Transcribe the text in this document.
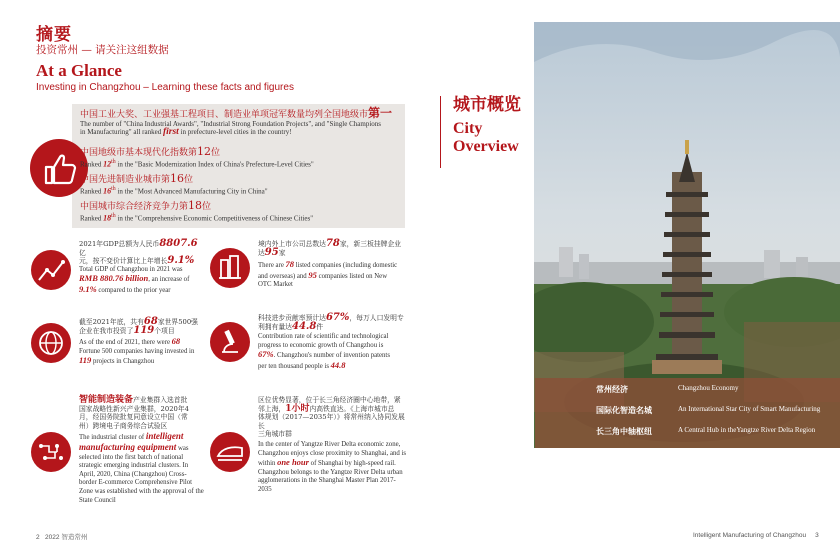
摘要
投资常州 — 请关注这组数据
At a Glance
Investing in Changzhou – Learning these facts and figures
中国工业大奖、工业强基工程项目、制造业单项冠军数量均列全国地级市第一
The number of "China Industrial Awards", "Industrial Strong Foundation Projects", and "Single Champions
in Manufacturing" all ranked first in prefecture-level cities in the country!
中国地级市基本现代化指数第12位
Ranked 12th in the "Basic Modernization Index of China's Prefecture-Level Cities"
中国先进制造业城市第16位
Ranked 16th in the "Most Advanced Manufacturing City in China"
中国城市综合经济竞争力第18位
Ranked 18th in the "Comprehensive Economic Competitiveness of Chinese Cities"
2021年GDP总额为人民币8807.6亿
元，按不变价计算比上年增长9.1%
Total GDP of Changzhou in 2021 was
RMB 880.76 billion, an increase of
9.1% compared to the prior year
境内外上市公司总数达78家，新三板挂牌企业
达95家
There are 78 listed companies (including domestic
and overseas) and 95 companies listed on New
OTC Market
截至2021年底，共有68家世界500强
企业在我市投资了119个项目
As of the end of 2021, there were 68
Fortune 500 companies having invested in
119 projects in Changzhou
科技进步贡献率预计达67%，每万人口发明专
利拥有量达44.8件
Contribution rate of scientific and technological
progress to economic growth of Changzhou is
67%. Changzhou's number of invention patents
per ten thousand people is 44.8
智能制造装备产业集群入选首批
国家战略性新兴产业集群，2020年4
月，经国务院批复同意设立中国（常
州）跨境电子商务综合试验区
The industrial cluster of intelligent manufacturing equipment was selected into the first batch of national strategic emerging industrial clusters. In April, 2020, China (Changzhou) Cross-border E-commerce Comprehensive Pilot Zone was established with the approval of the State Council
区位优势显著，位于长三角经济圈中心地带，紧
邻上海，1小时内高铁直达。《上海市城市总
体规划（2017—2035年）》将常州纳入协同发展长
三角城市群
In the center of Yangtze River Delta economic zone, Changzhou enjoys close proximity to Shanghai, and is within one hour of Shanghai by high-speed rail. Changzhou belongs to the Yangtze River Delta urban agglomerations in the Shanghai Master Plan 2017-2035
2 2022 智造常州
城市概览
City
Overview
常州经济	Changzhou Economy
国际化智造名城	An International Star City of Smart Manufacturing
长三角中轴枢纽	A Central Hub in theYangtze River Delta Region
Intelligent Manufacturing of Changzhou 3
